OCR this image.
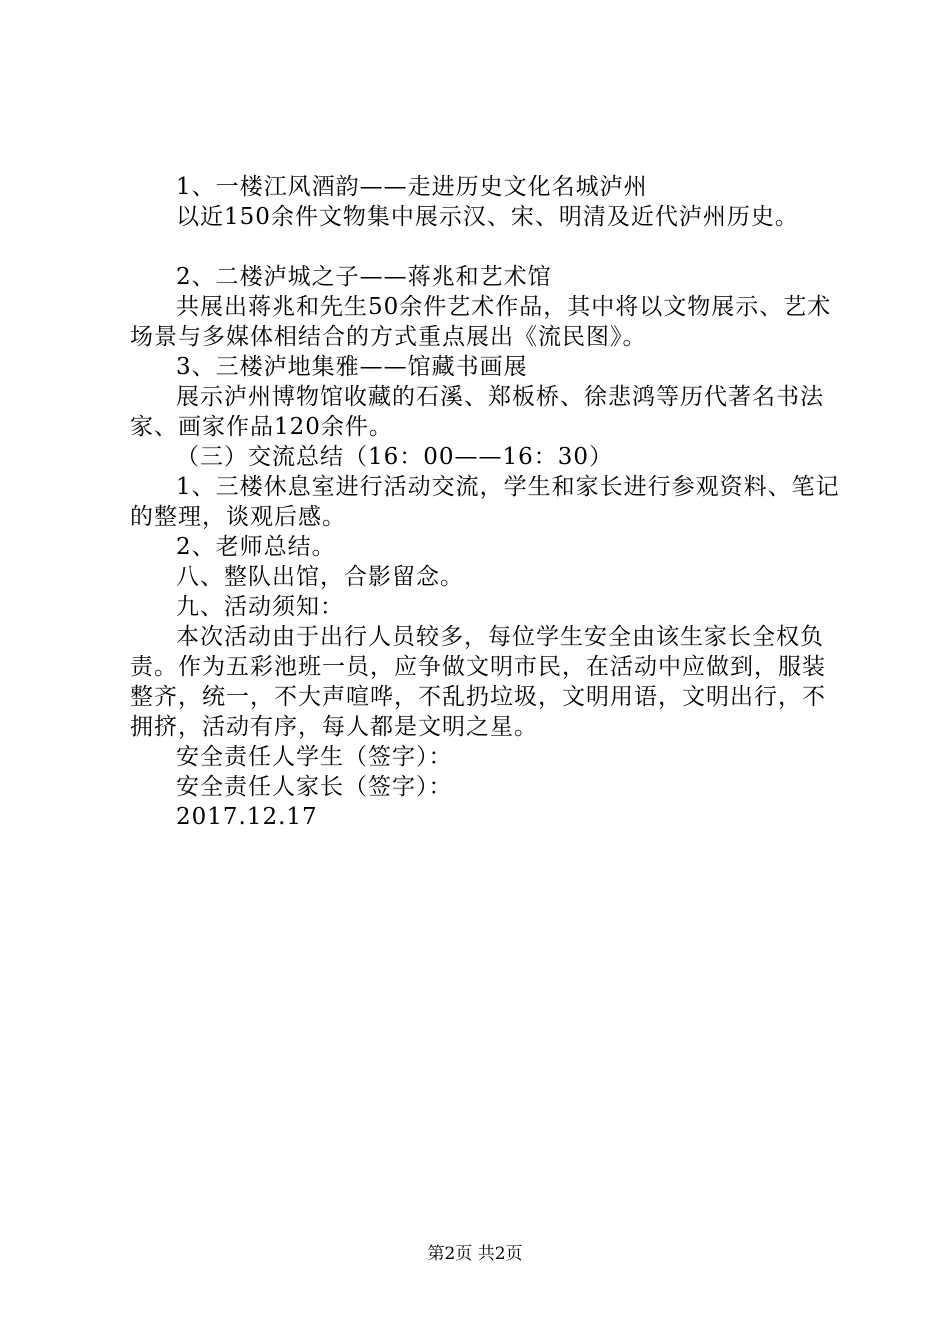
1、一楼江风酒韵——走进历史文化名城泸州

以近150余件文物集中展示汉、宋、明清及近代泸州历史。

2、二楼泸城之子——蒋兆和艺术馆

共展出蒋兆和先生50余件艺术作品，其中将以文物展示、艺术场景与多媒体相结合的方式重点展出《流民图》。

3、三楼泸地集雅——馆藏书画展

展示泸州博物馆收藏的石溪、郑板桥、徐悲鸿等历代著名书法家、画家作品120余件。

（三）交流总结（16：00——16：30）

1、三楼休息室进行活动交流，学生和家长进行参观资料、笔记的整理，谈观后感。

2、老师总结。

八、整队出馆，合影留念。

九、活动须知：

本次活动由于出行人员较多，每位学生安全由该生家长全权负责。作为五彩池班一员，应争做文明市民，在活动中应做到，服装整齐，统一，不大声喧哗，不乱扔垃圾，文明用语，文明出行，不拥挤，活动有序，每人都是文明之星。

安全责任人学生（签字）：

安全责任人家长（签字）：

2017.12.17

第2页 共2页
